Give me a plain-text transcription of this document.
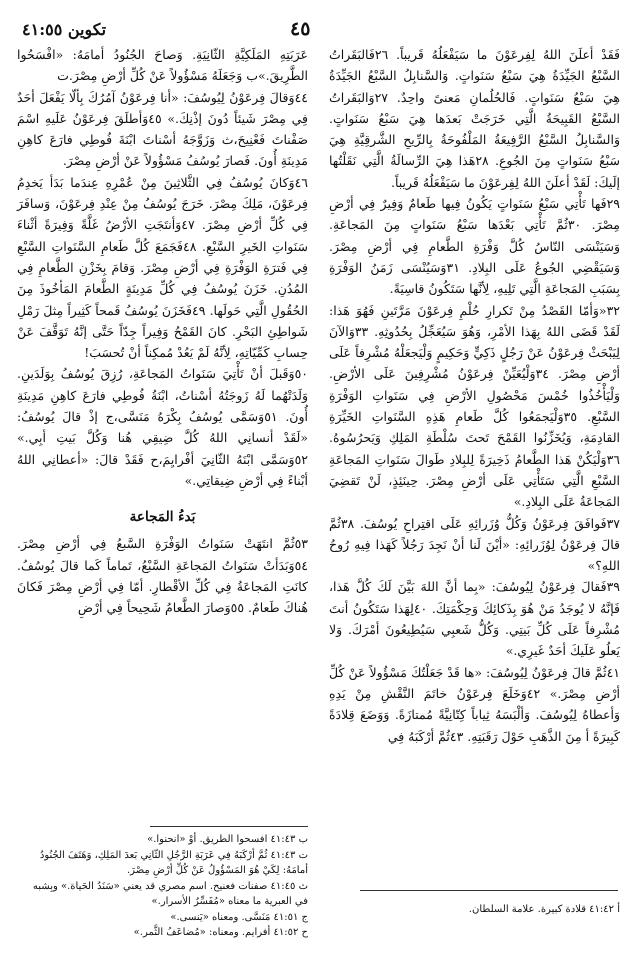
تكوين ٤١:٥٥	٤٥

فَقَدْ أعلَنَ اللهُ لِفِرعَوْنَ ما سَيَفْعَلُهُ قَريباً. ٢٦فَالبَقَراتُ السَّبْعُ الجَيِّدَةُ هِيَ سَبْعُ سَنَواتٍ. وَالسَّنابِلُ السَّبْعُ الجَيِّدَةُ هِيَ سَبْعُ سَنَواتٍ. فَالحُلُمانِ مَعنىً واحِدٌ. ٢٧وَالبَقَراتُ السَّبْعُ القَبِيحَةُ الَّتِي خَرَجَتْ بَعدَها هِيَ سَبْعُ سَنَواتٍ. وَالسَّنابِلُ السَّبْعُ الرَّفِيعَةُ المَلْفُوحَةُ بِالرِّيحِ الشَّرقِيَّةِ هِيَ سَبْعُ سَنَواتٍ مِنَ الجُوعِ. ٢٨هَذا هِيَ الرِّسالَةُ الَّتِي نَقَلْتُها إلَيكَ: لَقَدْ أعلَنَ اللهُ لِفِرعَوْنَ ما سَيَفْعَلُهُ قَريباً.

٢٩فَها تَأْتِي سَبْعُ سَنَواتٍ يَكُونُ فِيها طَعامٌ وَفِيرٌ فِي أرْضِ مِصْرَ. ٣٠ثُمَّ تَأْتِي بَعْدَها سَبْعُ سَنَواتٍ مِنَ المَجاعَةِ. وَسَيَنْسَى النّاسُ كُلَّ وَفْرَةِ الطَّعامِ فِي أرْضِ مِصْرَ. وَسَيَقْضِي الجُوعُ عَلَى البِلادِ. ٣١وَسَيُنْسَى زَمَنُ الوَفْرَةِ بِسَبَبِ المَجاعَةِ الَّتِي تَلِيهِ، لِأنَّها سَتَكُونُ قاسِيَةً.

٣٢«وَأمّا القَصْدُ مِنْ تَكرارِ حُلْمِ فِرعَوْنَ مَرَّتَينِ فَهُوَ هَذا: لَقَدْ قَضَى اللهُ بِهَذا الأمْرِ، وَهُوَ سَيُعَجِّلُ بِحُدُوثِهِ. ٣٣وَالآنَ لِيَبْحَثْ فِرعَوْنُ عَنْ رَجُلٍ ذَكِيٍّ وَحَكِيمٍ وَلْيَجعَلْهُ مُشْرِفاً عَلَى أرْضِ مِصْرَ. ٣٤وَلْيُعَيِّنْ فِرعَوْنُ مُشْرِفِينَ عَلَى الأرْضِ. وَلْيَأْخُذُوا خُمْسَ مَحْصُولِ الأرْضِ فِي سَنَواتِ الوَفْرَةِ السَّبْعِ. ٣٥وَلْيَجمَعُوا كُلَّ طَعامِ هَذِهِ السَّنَواتِ الخَيِّرَةِ القادِمَةِ، وَيُخَزِّنُوا القَمْحَ تَحتَ سُلْطَةِ المَلِكِ وَيَحرُسُوهُ. ٣٦وَلْيَكُنْ هَذا الطَّعامُ ذَخِيرَةً لِلبِلادِ طَوالَ سَنَواتِ المَجاعَةِ السَّبْعِ الَّتِي سَتَأْتِي عَلَى أرْضِ مِصْرَ. حِينَئِذٍ، لَنْ تَقضِيَ المَجاعَةُ عَلَى البِلادِ.»

٣٧فَوافَقَ فِرعَوْنُ وَكُلُّ وُزَرائِهِ عَلَى اقتِراحِ يُوسُفَ. ٣٨ثُمَّ قالَ فِرعَوْنُ لِوُزَرائِهِ: «أيْنَ لَنا أنْ نَجِدَ رَجُلاً كَهَذا فِيهِ رُوحُ اللهِ؟»

٣٩فَقالَ فِرعَوْنُ لِيُوسُفَ: «بِما أنَّ اللهَ بَيَّنَ لَكَ كُلَّ هَذا، فَإنَّهُ لا يُوجَدُ مَنْ هُوَ بِذَكائِكَ وَحِكْمَتِكَ. ٤٠لِهَذا سَتَكُونُ أنتَ مُشْرِفاً عَلَى كُلِّ بَيتِي. وَكُلُّ شَعبِي سَيُطِيعُونَ أمْرَكَ. وَلا يَعلُو عَلَيكَ أحَدٌ غَيرِي.»

٤١ثُمَّ قالَ فِرعَوْنُ لِيُوسُفَ: «ها قَدْ جَعَلْتُكَ مَسْؤُولاً عَنْ كُلِّ أرْضِ مِصْرَ.» ٤٢وَخَلَعَ فِرعَوْنُ خاتَمَ النَّقْشِ مِنْ يَدِهِ وَأعطاهُ لِيُوسُفَ. وَألْبَسَهُ ثِياباً كِتّانِيَّةً مُمتازَةً. وَوَضَعَ قِلادَةً كَبِيرَةً أ مِنَ الذَّهَبِ حَوْلَ رَقَبَتِهِ. ٤٣ثُمَّ أرْكَبَهُ فِي

عَرَبَتِهِ المَلَكِيَّةِ الثّانِيَةِ. وَصاحَ الجُنُودُ أمامَهُ: «افْسَحُوا الطَّرِيقَ.»ب وَجَعَلَهُ مَسْؤُولاً عَنْ كُلِّ أرْضِ مِصْرَ.ت

٤٤وَقالَ فِرعَوْنُ لِيُوسُفَ: «أنا فِرعَوْنُ آمُرُكَ بِألّا يَفْعَلَ أحَدٌ فِي مِصْرَ شَيئاً دُونَ إذْنِكَ.» ٤٥وَأطلَقَ فِرعَوْنُ عَلَيهِ اسْمَ صَفْناتَ فَعْنِيحَ،ث وَزَوَّجَهُ أسْناتَ ابْنَةَ فُوطِي فارَعَ كاهِنِ مَدِينَةِ أُونَ. فَصارَ يُوسُفُ مَسْؤُولاً عَنْ أرْضِ مِصْرَ.

٤٦وَكانَ يُوسُفُ فِي الثَّلاثِينَ مِنْ عُمْرِهِ عِندَما بَدَأ يَخدِمُ فِرعَوْنَ، مَلِكَ مِصْرَ. خَرَجَ يُوسُفُ مِنْ عِنْدِ فِرعَوْنَ، وَسافَرَ فِي كُلِّ أرْضِ مِصْرَ. ٤٧وَأنتَجَتِ الأرْضُ غَلَّةً وَفِيرَةً أثْناءَ سَنَواتِ الخَيرِ السَّبْعِ. ٤٨فَجَمَعَ كُلَّ طَعامِ السَّنَواتِ السَّبْعِ فِي فَترَةِ الوَفْرَةِ فِي أرْضِ مِصْرَ. وَقامَ بِخَزْنِ الطَّعامِ فِي المُدُنِ. خَزَنَ يُوسُفُ فِي كُلِّ مَدِينَةٍ الطَّعامَ المَأخُوذَ مِنَ الحُقُولِ الَّتِي حَولَها. ٤٩فَخَزَنَ يُوسُفُ قَمحاً كَثِيراً مِثلَ رَمْلِ شَواطِئِ البَحْرِ. كانَ القَمْحُ وَفِيراً جِدّاً حَتَّى إنَّهُ تَوَقَّفَ عَنْ حِسابِ كَمِّيّاتِهِ، لِأنَّهُ لَمْ يَعُدْ مُمكِناً أنْ تُحسَبَ!

٥٠وَقَبلَ أنْ تَأْتِيَ سَنَواتُ المَجاعَةِ، رُزِقَ يُوسُفُ بِوَلَدَينِ. وَلَدَتْهُما لَهُ زَوجَتُهُ أسْناتُ، ابْنَةُ فُوطِي فارَعَ كاهِنِ مَدِينَةِ أُونَ. ٥١وَسَمَّى يُوسُفُ بِكْرَهُ مَنَسَّى،ج إذْ قالَ يُوسُفُ: «لَقَدْ أنسانِي اللهُ كُلَّ ضِيقِي هُنا وَكُلَّ بَيتِ أبِي.» ٥٢وَسَمَّى ابْنَهُ الثّانِيَ أفْرايِمَ،ح فَقَدْ قالَ: «أعطانِي اللهُ أبْناءً فِي أرْضِ ضِيقاتِي.»

بَدءُ المَجاعة

٥٣ثُمَّ انتَهَتْ سَنَواتُ الوَفْرَةِ السَّبعُ فِي أرْضِ مِصْرَ. ٥٤وَبَدَأتْ سَنَواتُ المَجاعَةِ السَّبْعُ، تَماماً كَما قالَ يُوسُفُ. كانَتِ المَجاعَةُ فِي كُلِّ الأقْطارِ. أمّا فِي أرْضِ مِصْرَ فَكانَ هُناكَ طَعامٌ. ٥٥وَصارَ الطَّعامُ شَحِيحاً فِي أرْضِ

ب ٤١:٤٣ افسحوا الطريق. أوْ «انحنوا.»

ت ٤١:٤٣ ثُمَّ أرْكَبَهُ فِي عَرَبَةِ الرَّجُلِ الثّانِي بَعدَ المَلِكِ، وَهَتَفَ الجُنُودُ أمامَهُ: لِكَيْ هُوَ المَسْؤُولُ عَنْ كُلِّ أرْضِ مِصْرَ.

ث ٤١:٤٥ صفنات فعنيح. اسم مصري قد يعني «سَنَدُ الحَياة.» وبِشبه في العبرية ما معناه «مُفَسِّرُ الأسرار.»

ج ٤١:٥١ مَنَسَّى. ومعناه «يَنسى.»

ح ٤١:٥٢ أفرايم. ومعناه: «مُضاعَفُ الثَّمر.»

أ ٤١:٤٢ قلادة كبيرة. علامة السلطان.
